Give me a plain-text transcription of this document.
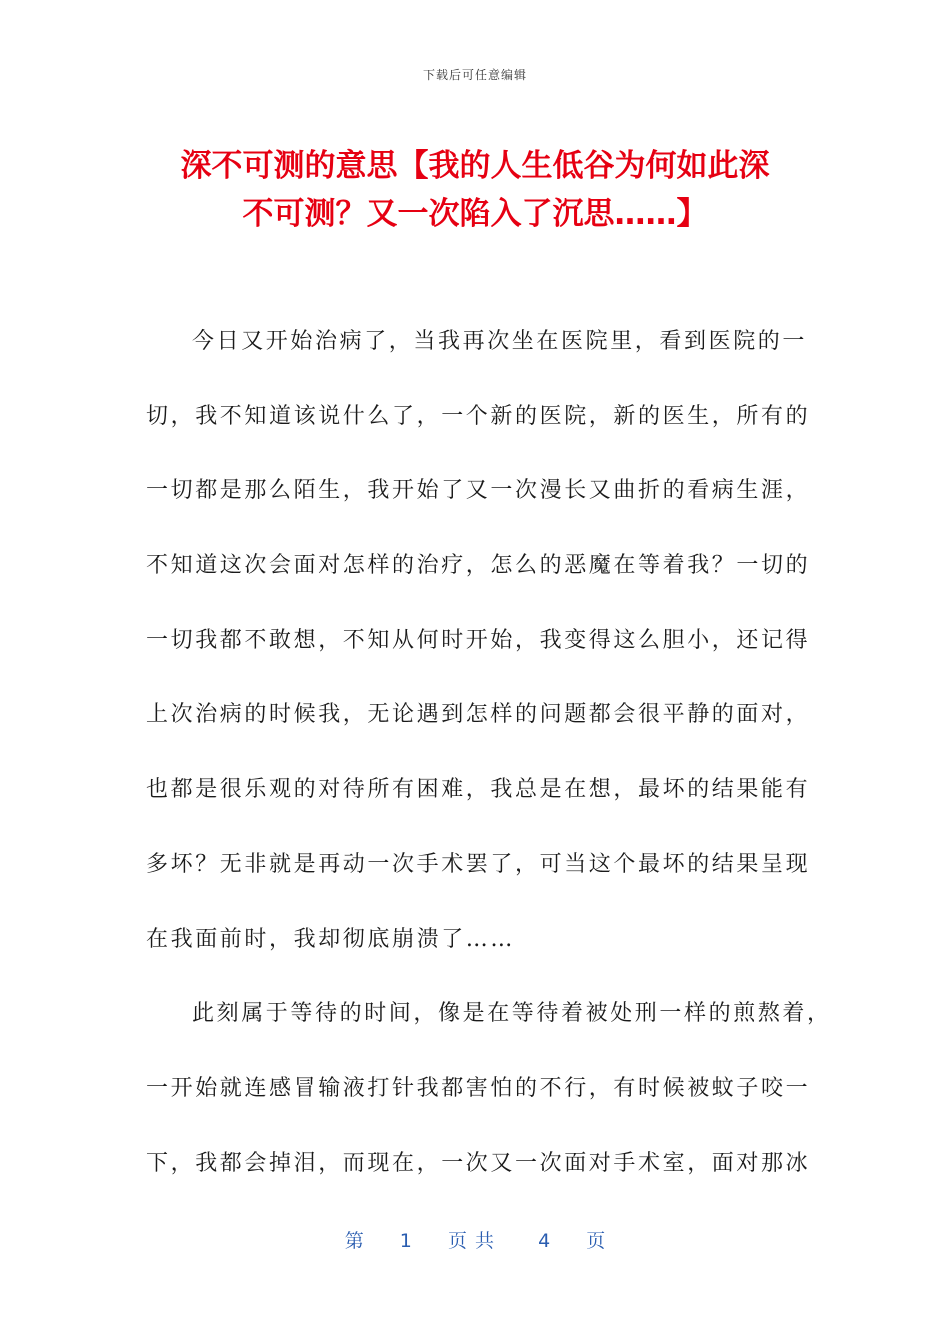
下载后可任意编辑
深不可测的意思【我的人生低谷为何如此深
不可测？又一次陷入了沉思……】
今日又开始治病了，当我再次坐在医院里，看到医院的一
切，我不知道该说什么了，一个新的医院，新的医生，所有的
一切都是那么陌生，我开始了又一次漫长又曲折的看病生涯，
不知道这次会面对怎样的治疗，怎么的恶魔在等着我？一切的
一切我都不敢想，不知从何时开始，我变得这么胆小，还记得
上次治病的时候我，无论遇到怎样的问题都会很平静的面对，
也都是很乐观的对待所有困难，我总是在想，最坏的结果能有
多坏？无非就是再动一次手术罢了，可当这个最坏的结果呈现
在我面前时，我却彻底崩溃了……
此刻属于等待的时间，像是在等待着被处刑一样的煎熬着，
一开始就连感冒输液打针我都害怕的不行，有时候被蚊子咬一
下，我都会掉泪，而现在，一次又一次面对手术室，面对那冰
第 1 页共 4 页
